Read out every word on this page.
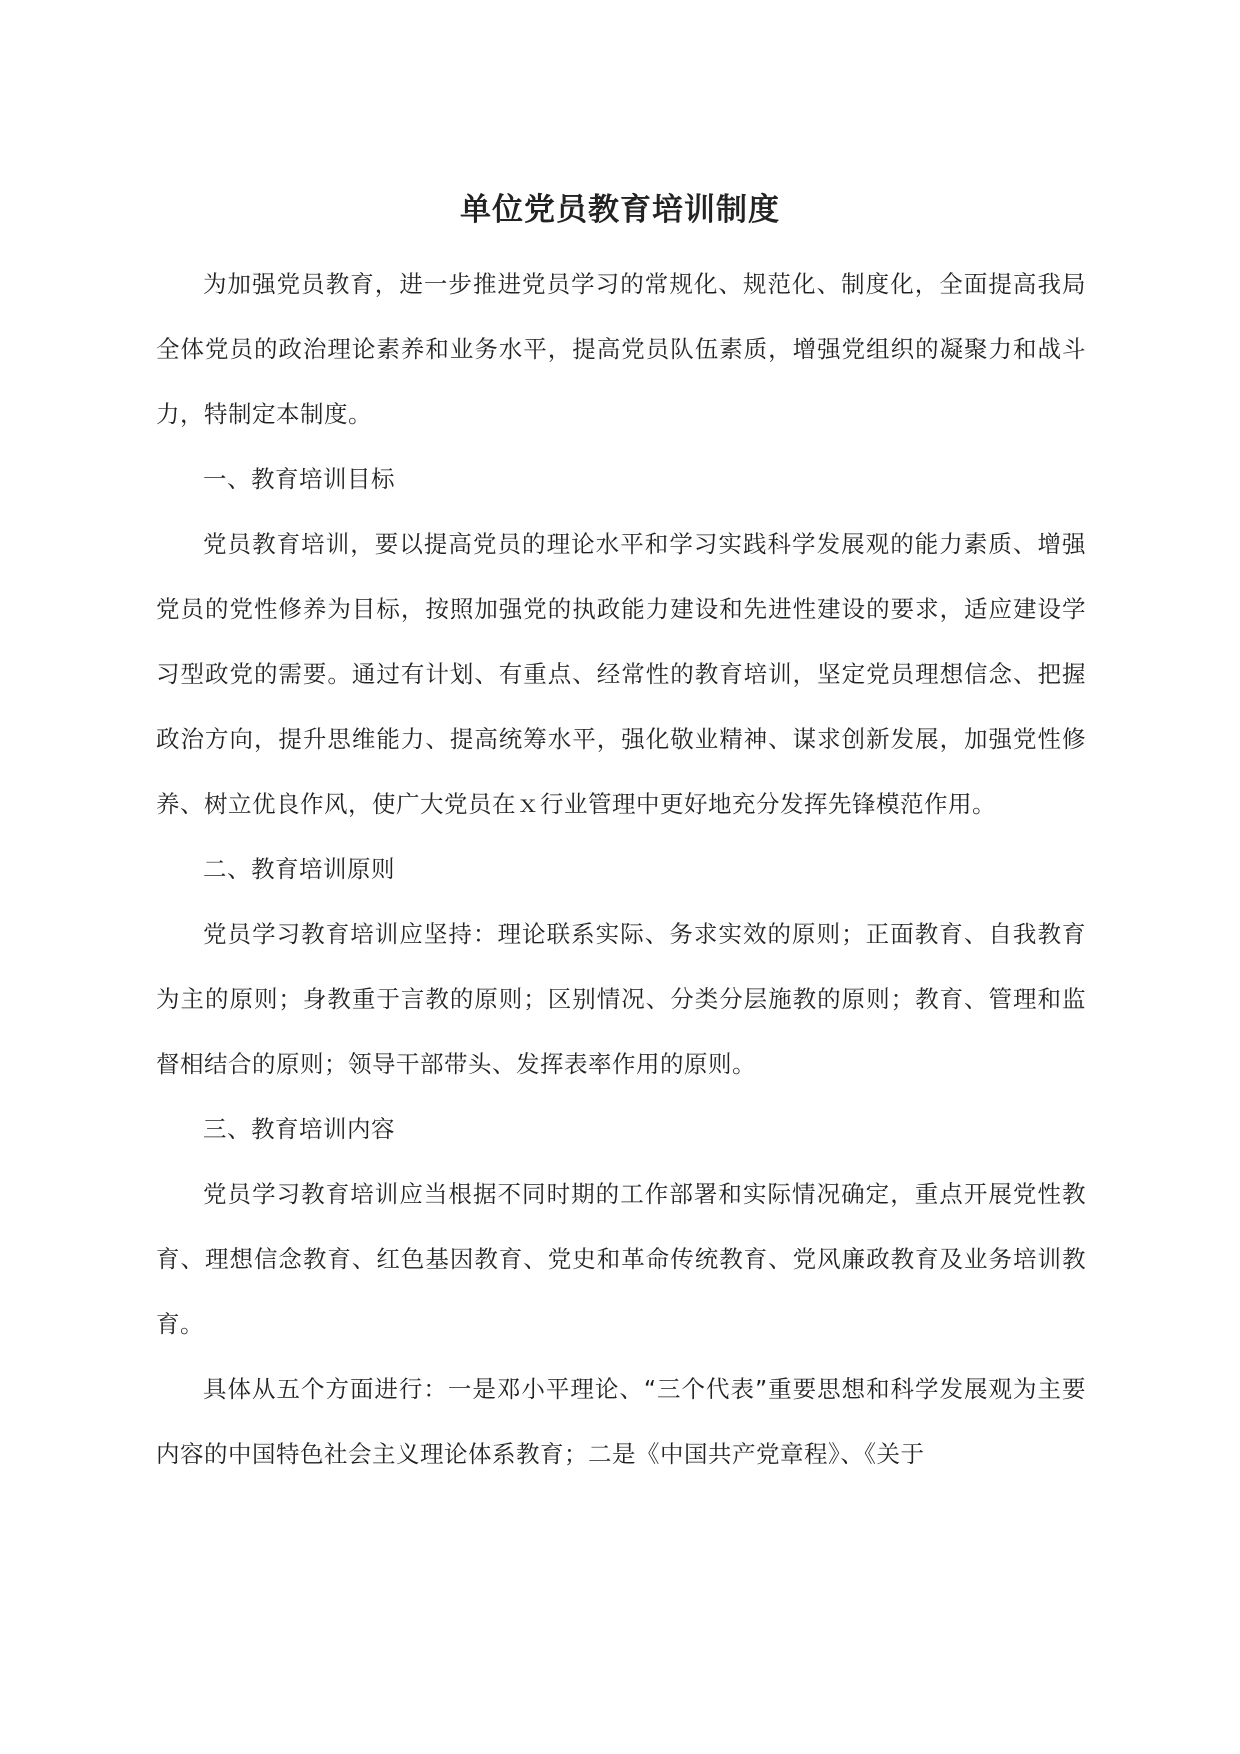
单位党员教育培训制度

为加强党员教育，进一步推进党员学习的常规化、规范化、制度化，全面提高我局全体党员的政治理论素养和业务水平，提高党员队伍素质，增强党组织的凝聚力和战斗力，特制定本制度。

一、教育培训目标

党员教育培训，要以提高党员的理论水平和学习实践科学发展观的能力素质、增强党员的党性修养为目标，按照加强党的执政能力建设和先进性建设的要求，适应建设学习型政党的需要。通过有计划、有重点、经常性的教育培训，坚定党员理想信念、把握政治方向，提升思维能力、提高统筹水平，强化敬业精神、谋求创新发展，加强党性修养、树立优良作风，使广大党员在ｘ行业管理中更好地充分发挥先锋模范作用。

二、教育培训原则

党员学习教育培训应坚持：理论联系实际、务求实效的原则；正面教育、自我教育为主的原则；身教重于言教的原则；区别情况、分类分层施教的原则；教育、管理和监督相结合的原则；领导干部带头、发挥表率作用的原则。

三、教育培训内容

党员学习教育培训应当根据不同时期的工作部署和实际情况确定，重点开展党性教育、理想信念教育、红色基因教育、党史和革命传统教育、党风廉政教育及业务培训教育。

具体从五个方面进行：一是邓小平理论、“三个代表”重要思想和科学发展观为主要内容的中国特色社会主义理论体系教育；二是《中国共产党章程》、《关于
